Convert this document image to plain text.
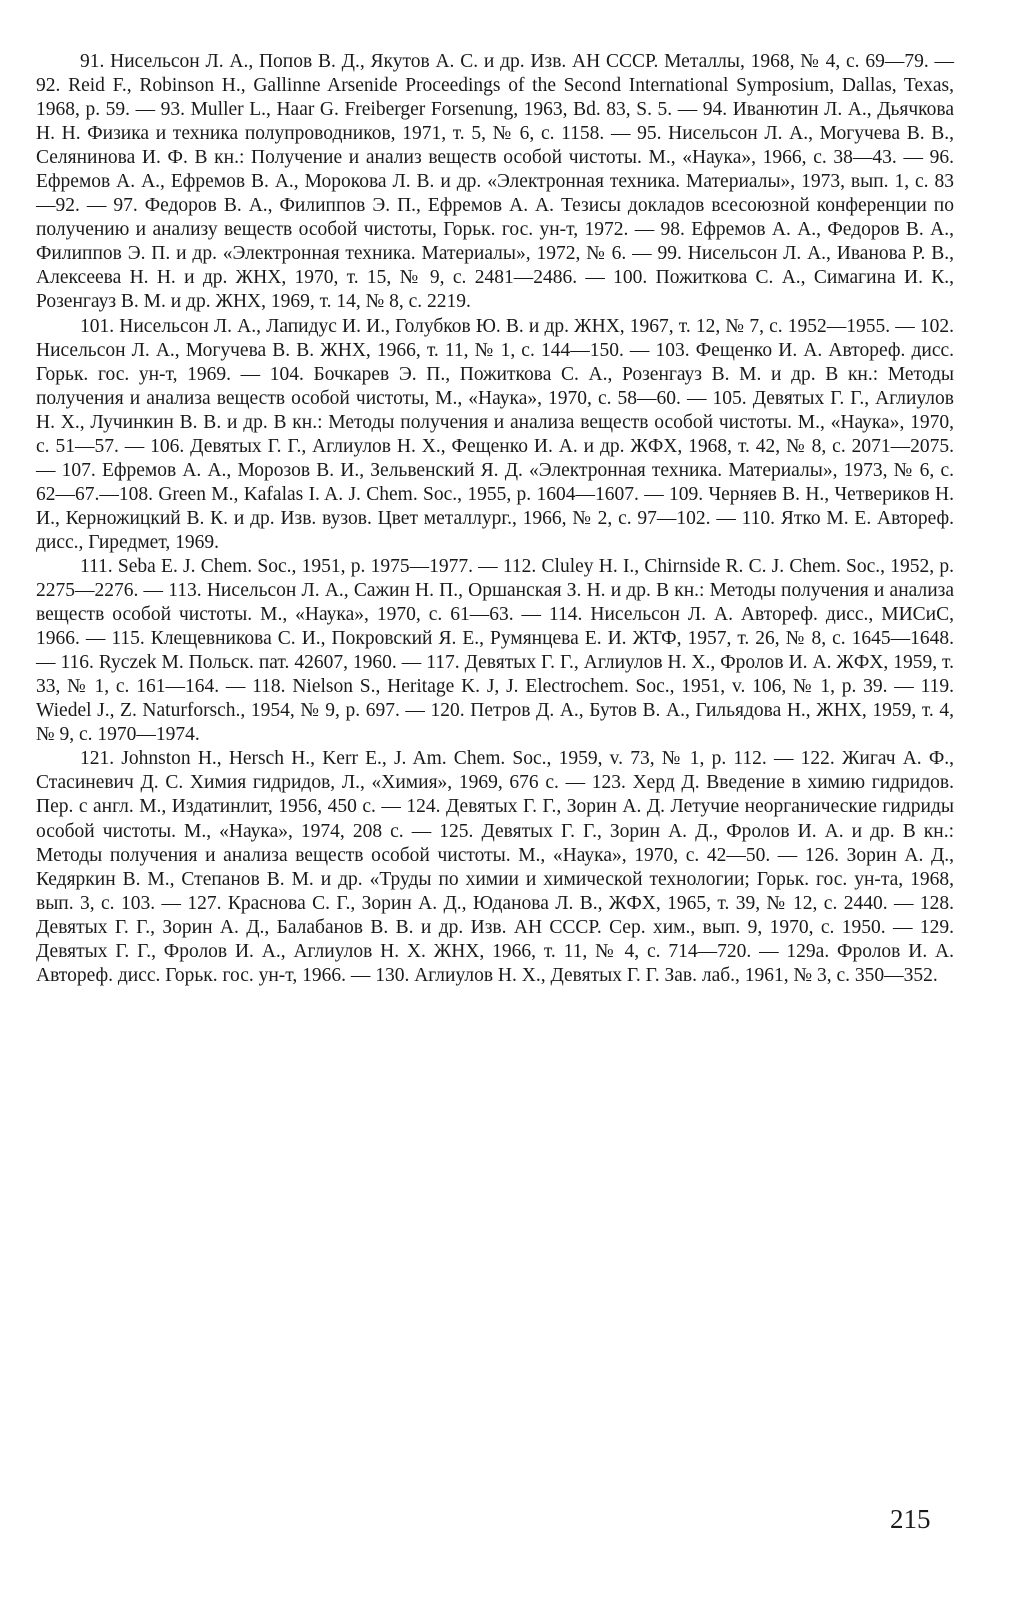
91. Нисельсон Л. А., Попов В. Д., Якутов А. С. и др. Изв. АН СССР. Металлы, 1968, № 4, с. 69—79. — 92. Reid F., Robinson H., Gallinne Arsenide Proceedings of the Second International Symposium, Dallas, Texas, 1968, p. 59. — 93. Muller L., Haar G. Freiberger Forsenung, 1963, Bd. 83, S. 5. — 94. Иванютин Л. А., Дьячкова Н. Н. Физика и техника полупроводников, 1971, т. 5, № 6, с. 1158. — 95. Нисельсон Л. А., Могучева В. В., Селянинова И. Ф. В кн.: Получение и анализ веществ особой чистоты. М., «Наука», 1966, с. 38—43. — 96. Ефремов А. А., Ефремов В. А., Морокова Л. В. и др. «Электронная техника. Материалы», 1973, вып. 1, с. 83—92. — 97. Федоров В. А., Филиппов Э. П., Ефремов А. А. Тезисы докладов всесоюзной конференции по получению и анализу веществ особой чистоты, Горьк. гос. ун-т, 1972. — 98. Ефремов А. А., Федоров В. А., Филиппов Э. П. и др. «Электронная техника. Материалы», 1972, № 6. — 99. Нисельсон Л. А., Иванова Р. В., Алексеева Н. Н. и др. ЖНХ, 1970, т. 15, № 9, с. 2481—2486. — 100. Пожиткова С. А., Симагина И. К., Розенгауз В. М. и др. ЖНХ, 1969, т. 14, № 8, с. 2219.

101. Нисельсон Л. А., Лапидус И. И., Голубков Ю. В. и др. ЖНХ, 1967, т. 12, № 7, с. 1952—1955. — 102. Нисельсон Л. А., Могучева В. В. ЖНХ, 1966, т. 11, № 1, с. 144—150. — 103. Фещенко И. А. Автореф. дисс. Горьк. гос. ун-т, 1969. — 104. Бочкарев Э. П., Пожиткова С. А., Розенгауз В. М. и др. В кн.: Методы получения и анализа веществ особой чистоты, М., «Наука», 1970, с. 58—60. — 105. Девятых Г. Г., Аглиулов Н. Х., Лучинкин В. В. и др. В кн.: Методы получения и анализа веществ особой чистоты. М., «Наука», 1970, с. 51—57. — 106. Девятых Г. Г., Аглиулов Н. Х., Фещенко И. А. и др. ЖФХ, 1968, т. 42, № 8, с. 2071—2075. — 107. Ефремов А. А., Морозов В. И., Зельвенский Я. Д. «Электронная техника. Материалы», 1973, № 6, с. 62—67.—108. Green M., Kafalas I. A. J. Chem. Soc., 1955, p. 1604—1607. — 109. Черняев В. Н., Четвериков Н. И., Керножицкий В. К. и др. Изв. вузов. Цвет металлург., 1966, № 2, с. 97—102. — 110. Ятко М. Е. Автореф. дисс., Гиредмет, 1969.

111. Seba E. J. Chem. Soc., 1951, p. 1975—1977. — 112. Cluley H. I., Chirnside R. C. J. Chem. Soc., 1952, p. 2275—2276. — 113. Нисельсон Л. А., Сажин Н. П., Оршанская З. Н. и др. В кн.: Методы получения и анализа веществ особой чистоты. М., «Наука», 1970, с. 61—63. — 114. Нисельсон Л. А. Автореф. дисс., МИСиС, 1966. — 115. Клещевникова С. И., Покровский Я. Е., Румянцева Е. И. ЖТФ, 1957, т. 26, № 8, с. 1645—1648. — 116. Ryczek M. Польск. пат. 42607, 1960. — 117. Девятых Г. Г., Аглиулов Н. Х., Фролов И. А. ЖФХ, 1959, т. 33, № 1, с. 161—164. — 118. Nielson S., Heritage K. J, J. Electrochem. Soc., 1951, v. 106, № 1, p. 39. — 119. Wiedel J., Z. Naturforsch., 1954, № 9, p. 697. — 120. Петров Д. А., Бутов В. А., Гильядова Н., ЖНХ, 1959, т. 4, № 9, с. 1970—1974.

121. Johnston H., Hersch H., Kerr E., J. Am. Chem. Soc., 1959, v. 73, № 1, p. 112. — 122. Жигач А. Ф., Стасиневич Д. С. Химия гидридов, Л., «Химия», 1969, 676 с. — 123. Херд Д. Введение в химию гидридов. Пер. с англ. М., Издатинлит, 1956, 450 с. — 124. Девятых Г. Г., Зорин А. Д. Летучие неорганические гидриды особой чистоты. М., «Наука», 1974, 208 с. — 125. Девятых Г. Г., Зорин А. Д., Фролов И. А. и др. В кн.: Методы получения и анализа веществ особой чистоты. М., «Наука», 1970, с. 42—50. — 126. Зорин А. Д., Кедяркин В. М., Степанов В. М. и др. «Труды по химии и химической технологии; Горьк. гос. ун-та, 1968, вып. 3, с. 103. — 127. Краснова С. Г., Зорин А. Д., Юданова Л. В., ЖФХ, 1965, т. 39, № 12, с. 2440. — 128. Девятых Г. Г., Зорин А. Д., Балабанов В. В. и др. Изв. АН СССР. Сер. хим., вып. 9, 1970, с. 1950. — 129. Девятых Г. Г., Фролов И. А., Аглиулов Н. Х. ЖНХ, 1966, т. 11, № 4, с. 714—720. — 129а. Фролов И. А. Автореф. дисс. Горьк. гос. ун-т, 1966. — 130. Аглиулов Н. Х., Девятых Г. Г. Зав. лаб., 1961, № 3, с. 350—352.

215
